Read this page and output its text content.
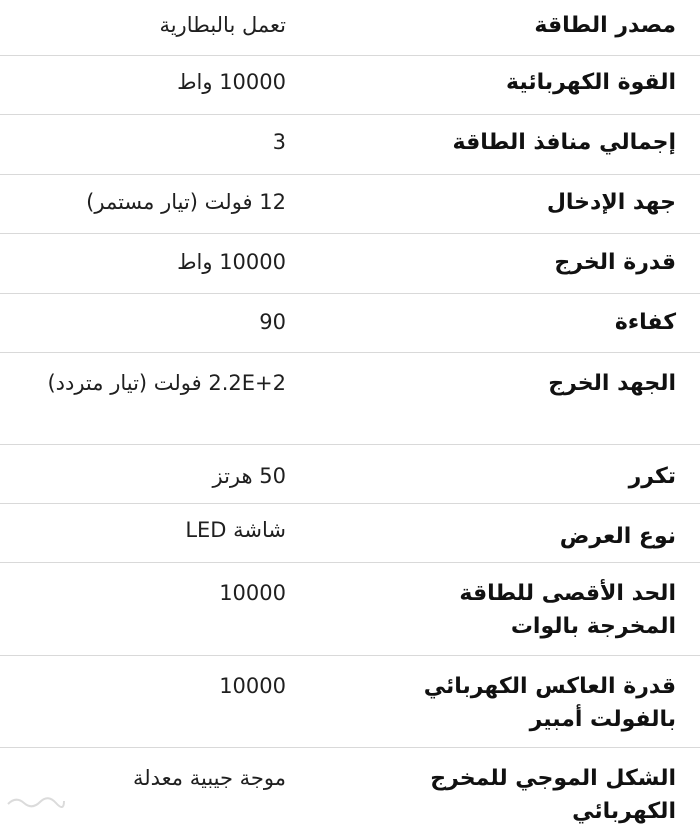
مصدر الطاقة
تعمل بالبطارية
القوة الكهربائية
10000 واط
إجمالي منافذ الطاقة
3
جهد الإدخال
12 فولت (تيار مستمر)
قدرة الخرج
10000 واط
كفاءة
90
الجهد الخرج
2.2E+2 فولت (تيار متردد)
تكرر
50 هرتز
نوع العرض
شاشة LED
الحد الأقصى للطاقة المخرجة بالوات
10000
قدرة العاكس الكهربائي بالفولت أمبير
10000
الشكل الموجي للمخرج الكهربائي
موجة جيبية معدلة
